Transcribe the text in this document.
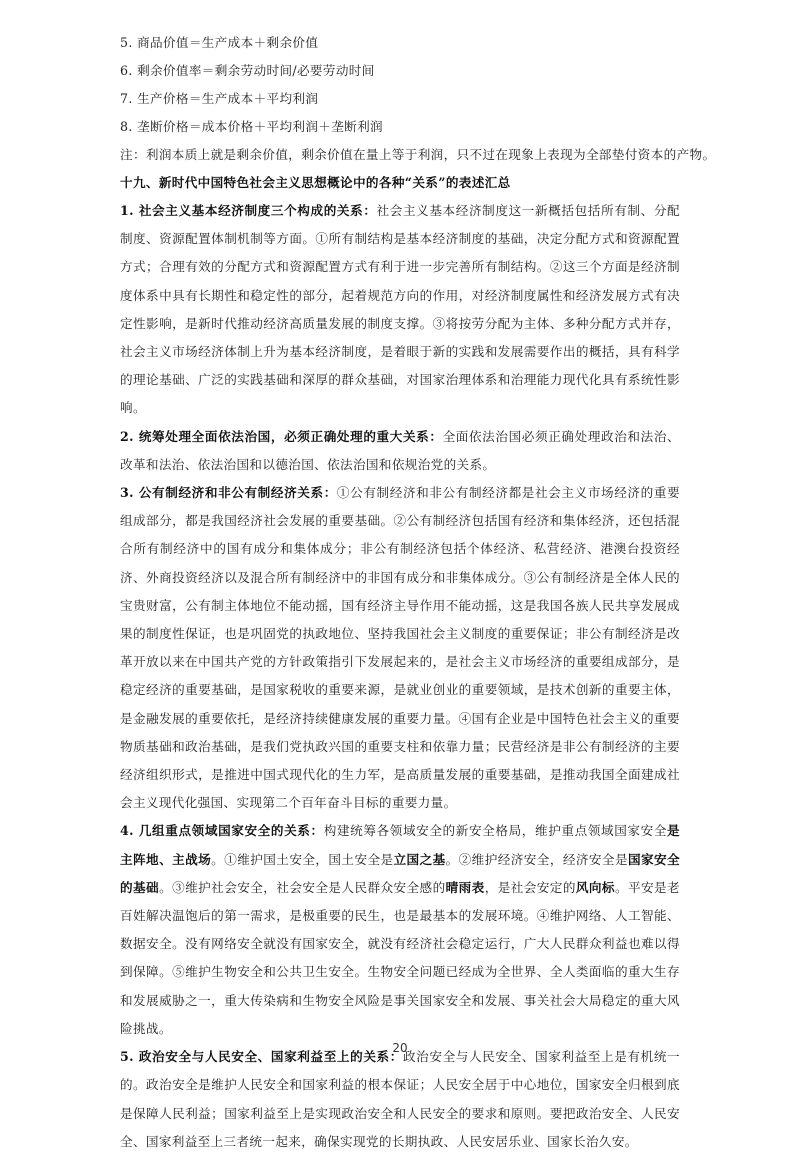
5. 商品价值＝生产成本＋剩余价值
6. 剩余价值率＝剩余劳动时间/必要劳动时间
7. 生产价格＝生产成本＋平均利润
8. 垄断价格＝成本价格＋平均利润＋垄断利润
注：利润本质上就是剩余价值，剩余价值在量上等于利润，只不过在现象上表现为全部垫付资本的产物。
十九、新时代中国特色社会主义思想概论中的各种“关系”的表述汇总
1. 社会主义基本经济制度三个构成的关系：社会主义基本经济制度这一新概括包括所有制、分配制度、资源配置体制机制等方面。①所有制结构是基本经济制度的基础，决定分配方式和资源配置方式；合理有效的分配方式和资源配置方式有利于进一步完善所有制结构。②这三个方面是经济制度体系中具有长期性和稳定性的部分，起着规范方向的作用，对经济制度属性和经济发展方式有决定性影响，是新时代推动经济高质量发展的制度支撑。③将按劳分配为主体、多种分配方式并存，社会主义市场经济体制上升为基本经济制度，是着眼于新的实践和发展需要作出的概括，具有科学的理论基础、广泛的实践基础和深厚的群众基础，对国家治理体系和治理能力现代化具有系统性影响。
2. 统筹处理全面依法治国，必须正确处理的重大关系：全面依法治国必须正确处理政治和法治、改革和法治、依法治国和以德治国、依法治国和依规治党的关系。
3. 公有制经济和非公有制经济关系：①公有制经济和非公有制经济都是社会主义市场经济的重要组成部分，都是我国经济社会发展的重要基础。②公有制经济包括国有经济和集体经济，还包括混合所有制经济中的国有成分和集体成分；非公有制经济包括个体经济、私营经济、港澳台投资经济、外商投资经济以及混合所有制经济中的非国有成分和非集体成分。③公有制经济是全体人民的宝贵财富，公有制主体地位不能动摇，国有经济主导作用不能动摇，这是我国各族人民共享发展成果的制度性保证，也是巩固党的执政地位、坚持我国社会主义制度的重要保证；非公有制经济是改革开放以来在中国共产党的方针政策指引下发展起来的，是社会主义市场经济的重要组成部分，是稳定经济的重要基础，是国家税收的重要来源，是就业创业的重要领域，是技术创新的重要主体，是金融发展的重要依托，是经济持续健康发展的重要力量。④国有企业是中国特色社会主义的重要物质基础和政治基础，是我们党执政兴国的重要支柱和依靠力量；民营经济是非公有制经济的主要经济组织形式，是推进中国式现代化的生力军，是高质量发展的重要基础，是推动我国全面建成社会主义现代化强国、实现第二个百年奋斗目标的重要力量。
4. 几组重点领域国家安全的关系：构建统筹各领域安全的新安全格局，维护重点领域国家安全是主阵地、主战场。①维护国土安全，国土安全是立国之基。②维护经济安全，经济安全是国家安全的基础。③维护社会安全，社会安全是人民群众安全感的晴雨表，是社会安定的风向标。平安是老百姓解决温饱后的第一需求，是极重要的民生，也是最基本的发展环境。④维护网络、人工智能、数据安全。没有网络安全就没有国家安全，就没有经济社会稳定运行，广大人民群众利益也难以得到保障。⑤维护生物安全和公共卫生安全。生物安全问题已经成为全世界、全人类面临的重大生存和发展威胁之一，重大传染病和生物安全风险是事关国家安全和发展、事关社会大局稳定的重大风险挑战。
5. 政治安全与人民安全、国家利益至上的关系：政治安全与人民安全、国家利益至上是有机统一的。政治安全是维护人民安全和国家利益的根本保证；人民安全居于中心地位，国家安全归根到底是保障人民利益；国家利益至上是实现政治安全和人民安全的要求和原则。要把政治安全、人民安全、国家利益至上三者统一起来，确保实现党的长期执政、人民安居乐业、国家长治久安。
20
